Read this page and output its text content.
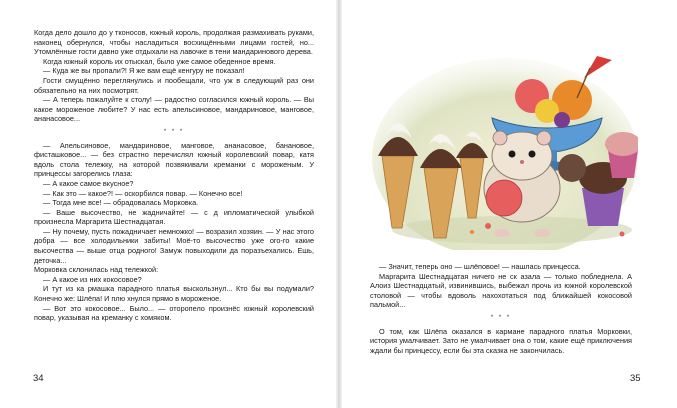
Когда дело дошло до у тконосов, южный король, продолжая размахивать руками, наконец обернулся, чтобы насладиться восхищёнными лицами гостей, но... Утомлённые гости давно уже отдыхали на лавочке в тени мандаринового дерева.

Когда южный король их отыскал, было уже самое обеденное время.

— Куда же вы пропали?! Я же вам ещё кенгуру не показал!

Гости смущённо переглянулись и пообещали, что уж в следующий раз они обязательно на них посмотрят.

— А теперь пожалуйте к столу! — радостно согласился южный король. — Вы какое мороженое любите? У нас есть апельсиновое, мандариновое, манговое, ананасовое...

* * *

— Апельсиновое, мандариновое, манговое, ананасовое, банановое, фисташковое... — без страстно перечислял южный королевский повар, катя вдоль стола тележку, на которой позвякивали креманки с мороженым. У принцессы загорелись глаза:

— А какое самое вкусное?

— Как это — какое?! — оскорбился повар. — Конечно все!

— Тогда мне все! — обрадовалась Морковка.

— Ваше высочество, не жадничайте! — с д ипломатической улыбкой произнесла Маргарита Шестнадцатая.

— Ну почему, пусть пожадничает немножко! — возразил хозяин. — У нас этого добра — все холодильники забиты! Моё-то высочество уже ого-го какие высочества — выше отца родного! Замуж повыходили да поразъехались. Ешь, деточка...

Морковка склонилась над тележкой:

— А какое из них кокосовое?

И тут из ка рмашка парадного платья выскользнул... Кто бы вы подумали? Конечно же: Шлёпа! И плю хнулся прямо в мороженое.

— Вот это кокосовое... Было... — оторопело произнёс южный королевский повар, указывая на креманку с хомяком.

— Значит, теперь оно — шлёповое! — нашлась принцесса.

Маргарита Шестнадцатая ничего не ск азала — только побледнела. А Алоиз Шестнадцатый, извинившись, выбежал прочь из южной королевской столовой — чтобы вдоволь нахохотаться под ближайшей кокосовой пальмой...

* * *

О том, как Шлёпа оказался в кармане парадного платья Морковки, история умалчивает. Зато не умалчивает она о том, какие ещё приключения ждали бы принцессу, если бы эта сказка не закончилась.

34	35
